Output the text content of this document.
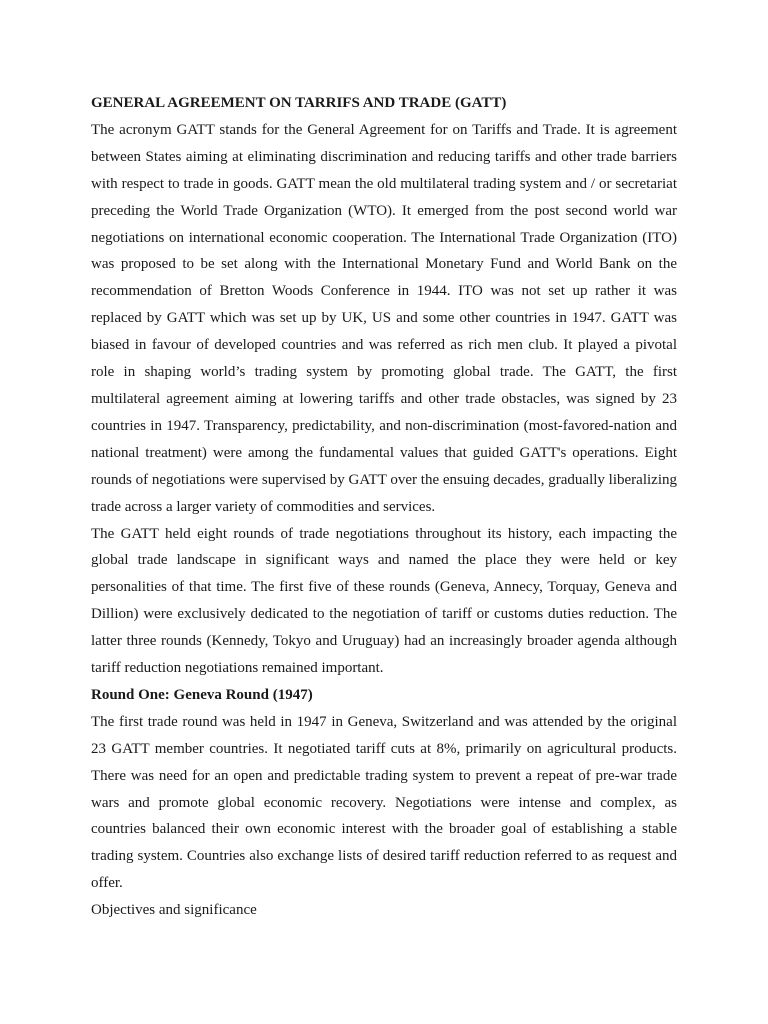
GENERAL AGREEMENT ON TARRIFS AND TRADE (GATT)

The acronym GATT stands for the General Agreement for on Tariffs and Trade. It is agreement between States aiming at eliminating discrimination and reducing tariffs and other trade barriers with respect to trade in goods. GATT mean the old multilateral trading system and / or secretariat preceding the World Trade Organization (WTO). It emerged from the post second world war negotiations on international economic cooperation. The International Trade Organization (ITO) was proposed to be set along with the International Monetary Fund and World Bank on the recommendation of Bretton Woods Conference in 1944. ITO was not set up rather it was replaced by GATT which was set up by UK, US and some other countries in 1947. GATT was biased in favour of developed countries and was referred as rich men club. It played a pivotal role in shaping world’s trading system by promoting global trade. The GATT, the first multilateral agreement aiming at lowering tariffs and other trade obstacles, was signed by 23 countries in 1947. Transparency, predictability, and non-discrimination (most-favored-nation and national treatment) were among the fundamental values that guided GATT's operations. Eight rounds of negotiations were supervised by GATT over the ensuing decades, gradually liberalizing trade across a larger variety of commodities and services.

The GATT held eight rounds of trade negotiations throughout its history, each impacting the global trade landscape in significant ways and named the place they were held or key personalities of that time. The first five of these rounds (Geneva, Annecy, Torquay, Geneva and Dillion) were exclusively dedicated to the negotiation of tariff or customs duties reduction. The latter three rounds (Kennedy, Tokyo and Uruguay) had an increasingly broader agenda although tariff reduction negotiations remained important.

Round One: Geneva Round (1947)

The first trade round was held in 1947 in Geneva, Switzerland and was attended by the original 23 GATT member countries. It negotiated tariff cuts at 8%, primarily on agricultural products. There was need for an open and predictable trading system to prevent a repeat of pre-war trade wars and promote global economic recovery. Negotiations were intense and complex, as countries balanced their own economic interest with the broader goal of establishing a stable trading system. Countries also exchange lists of desired tariff reduction referred to as request and offer.

Objectives and significance
